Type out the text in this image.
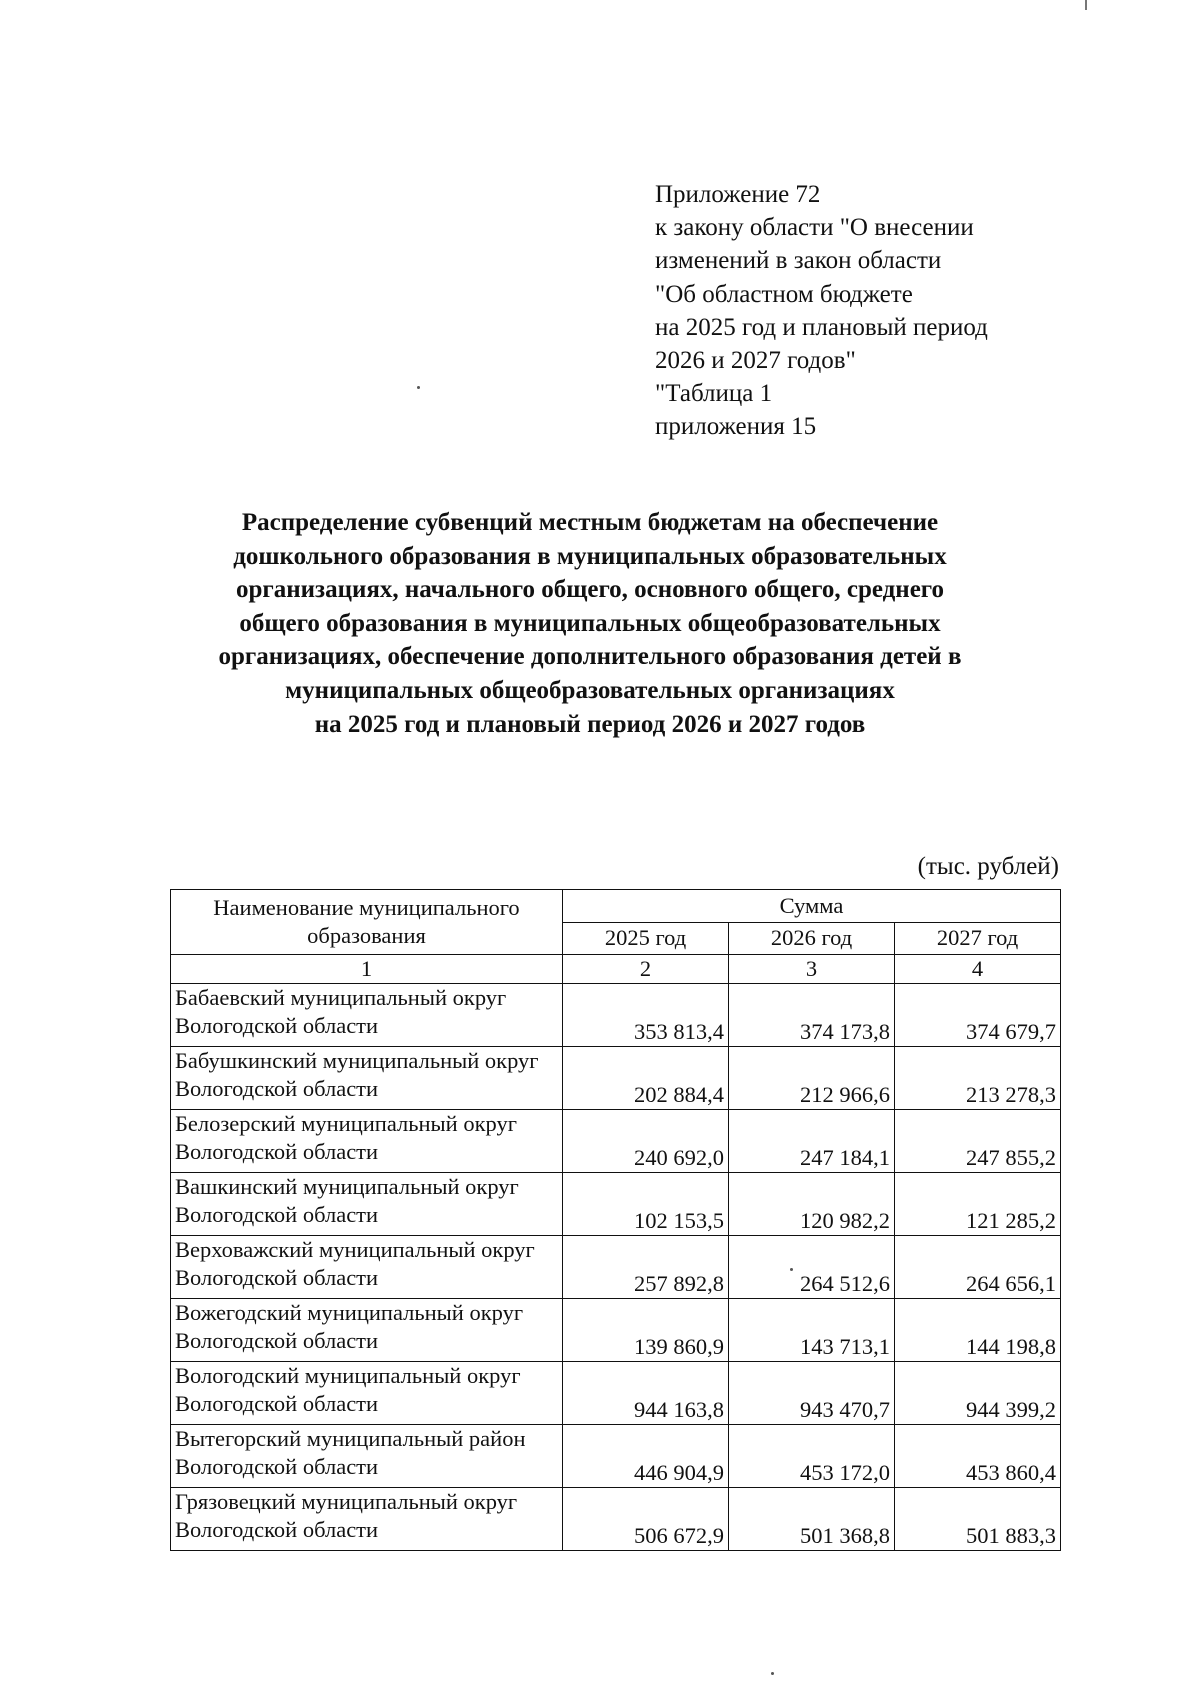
Приложение 72
к закону области "О внесении
изменений в закон области
"Об областном бюджете
на 2025 год и плановый период
2026 и 2027 годов"
"Таблица 1
приложения 15
Распределение субвенций местным бюджетам на обеспечение
дошкольного образования в муниципальных образовательных
организациях, начального общего, основного общего, среднего
общего образования в муниципальных общеобразовательных
организациях, обеспечение дополнительного образования детей в
муниципальных общеобразовательных организациях
на 2025 год и плановый период 2026 и 2027 годов
(тыс. рублей)
Наименование муниципального образования	Сумма		
	2025 год	2026 год	2027 год
1	2	3	4
Бабаевский муниципальный округ Вологодской области	353 813,4	374 173,8	374 679,7
Бабушкинский муниципальный округ Вологодской области	202 884,4	212 966,6	213 278,3
Белозерский муниципальный округ Вологодской области	240 692,0	247 184,1	247 855,2
Вашкинский муниципальный округ Вологодской области	102 153,5	120 982,2	121 285,2
Верховажский муниципальный округ Вологодской области	257 892,8	264 512,6	264 656,1
Вожегодский муниципальный округ Вологодской области	139 860,9	143 713,1	144 198,8
Вологодский муниципальный округ Вологодской области	944 163,8	943 470,7	944 399,2
Вытегорский муниципальный район Вологодской области	446 904,9	453 172,0	453 860,4
Грязовецкий муниципальный округ Вологодской области	506 672,9	501 368,8	501 883,3
